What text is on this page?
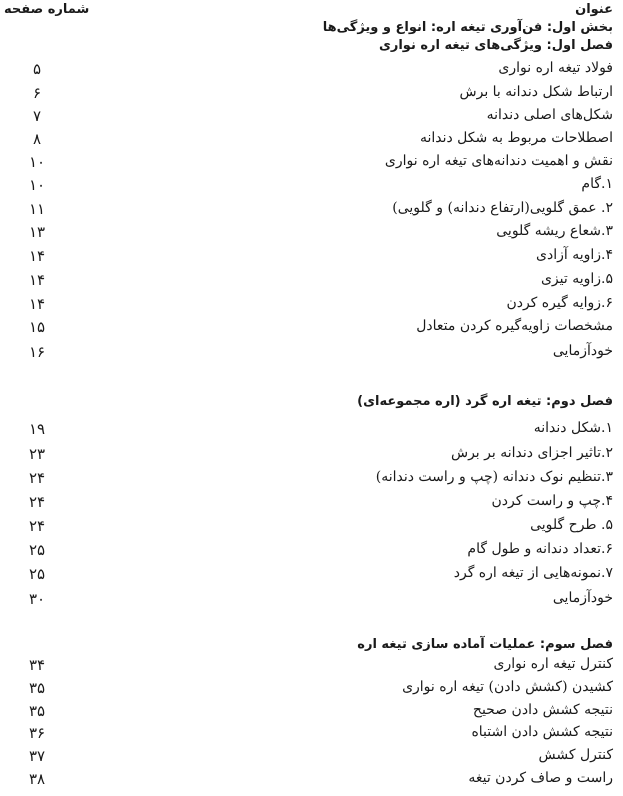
عنوان
شماره صفحه
بخش اول: فن‌آوری تیغه اره: انواع و ویژگی‌ها
فصل اول: ویژگی‌های تیغه اره نواری
فولاد تیغه اره نواری
۵
ارتباط شکل دندانه با برش
۶
شکل‌های اصلی دندانه
۷
اصطلاحات مربوط به شکل دندانه
۸
نقش و اهمیت دندانه‌های تیغه اره نواری
۱۰
۱.گام
۱۰
۲. عمق گلویی(ارتفاع دندانه) و گلویی)
۱۱
۳.شعاع ریشه گلویی
۱۳
۴.زاویه آزادی
۱۴
۵.زاویه تیزی
۱۴
۶.زوایه گیره کردن
۱۴
مشخصات زاویه‌گیره کردن متعادل
۱۵
خودآزمایی
۱۶
فصل دوم: تیغه اره گرد (اره مجموعه‌ای)
۱.شکل دندانه
۱۹
۲.تاثیر اجزای دندانه بر برش
۲۳
۳.تنظیم نوک دندانه (چپ و راست دندانه)
۲۴
۴.چپ و راست کردن
۲۴
۵. طرح گلویی
۲۴
۶.تعداد دندانه و طول گام
۲۵
۷.نمونه‌هایی از تیغه اره گرد
۲۵
خودآزمایی
۳۰
فصل سوم: عملیات آماده سازی تیغه اره
کنترل تیغه اره نواری
۳۴
کشیدن (کشش دادن) تیغه اره نواری
۳۵
نتیجه کشش دادن صحیح
۳۵
نتیجه کشش دادن اشتباه
۳۶
کنترل کشش
۳۷
راست و صاف کردن تیغه
۳۸
